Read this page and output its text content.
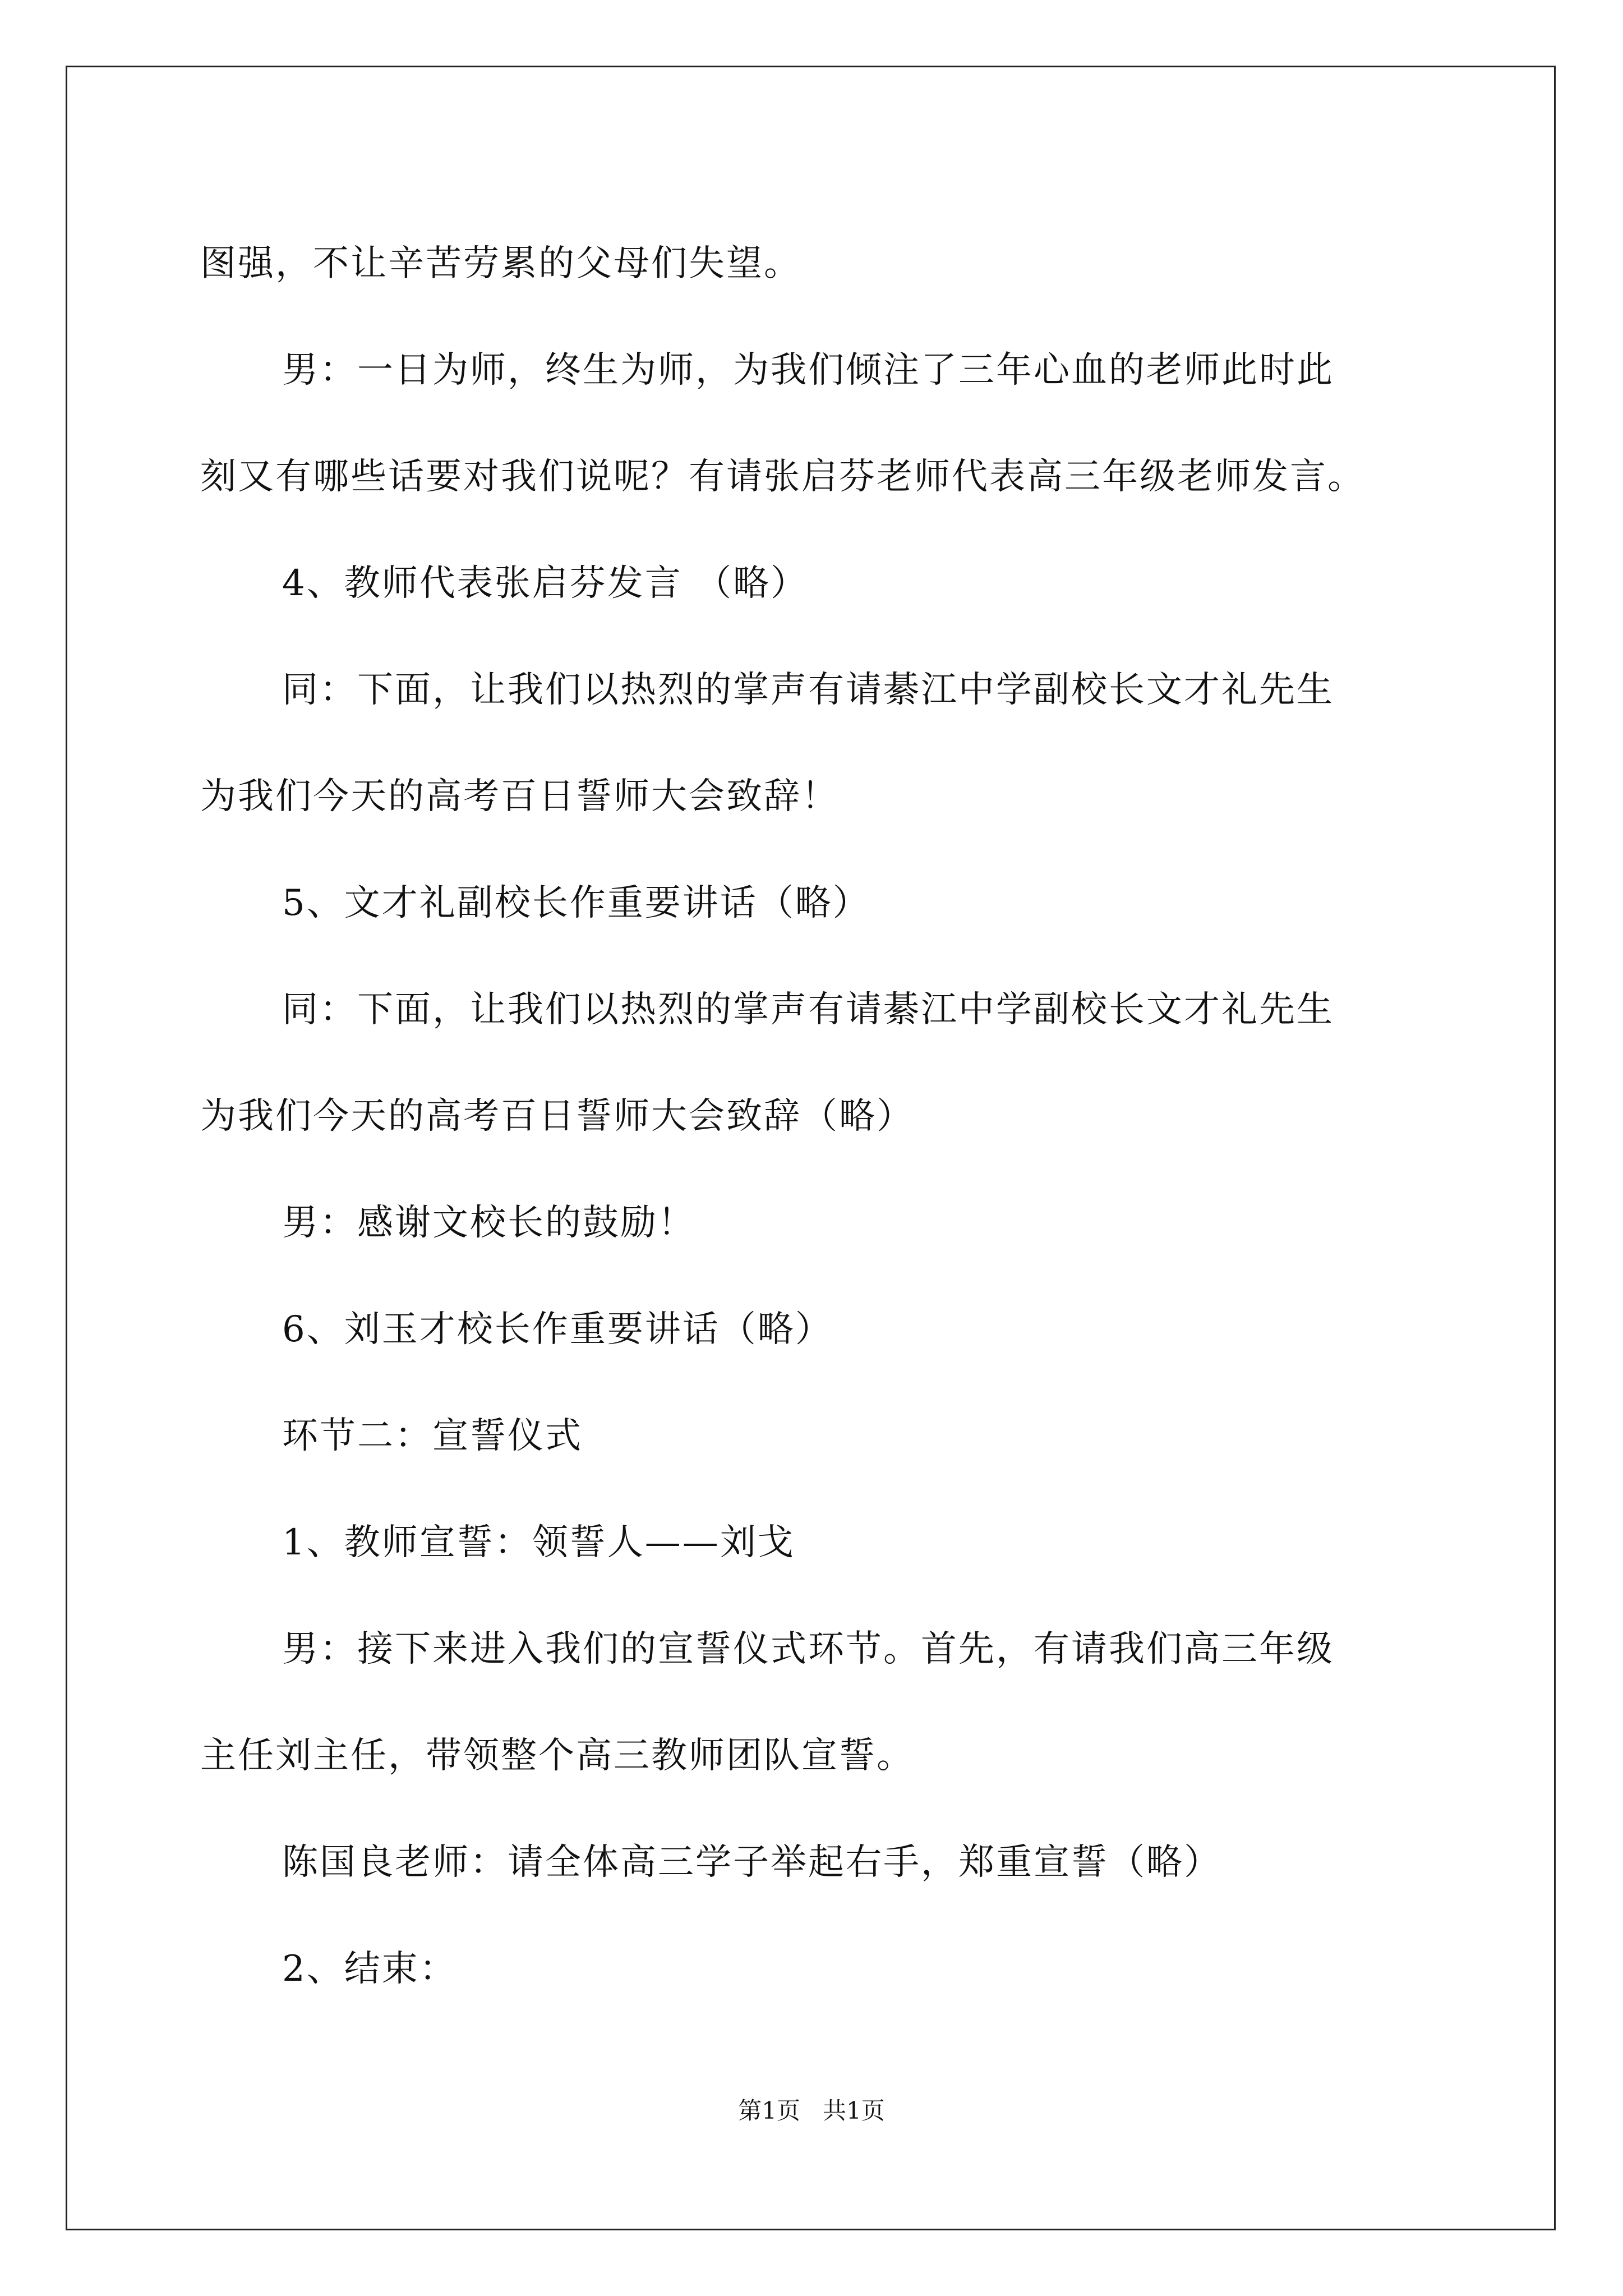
图强，不让辛苦劳累的父母们失望。

男：一日为师，终生为师，为我们倾注了三年心血的老师此时此

刻又有哪些话要对我们说呢？有请张启芬老师代表高三年级老师发言。

4、教师代表张启芬发言 （略）

同：下面，让我们以热烈的掌声有请綦江中学副校长文才礼先生

为我们今天的高考百日誓师大会致辞！

5、文才礼副校长作重要讲话（略）

同：下面，让我们以热烈的掌声有请綦江中学副校长文才礼先生

为我们今天的高考百日誓师大会致辞（略）

男：感谢文校长的鼓励！

6、刘玉才校长作重要讲话（略）

环节二：宣誓仪式

1、教师宣誓：领誓人——刘戈

男：接下来进入我们的宣誓仪式环节。首先，有请我们高三年级

主任刘主任，带领整个高三教师团队宣誓。

陈国良老师：请全体高三学子举起右手，郑重宣誓（略）

2、结束：

第1页   共1页
